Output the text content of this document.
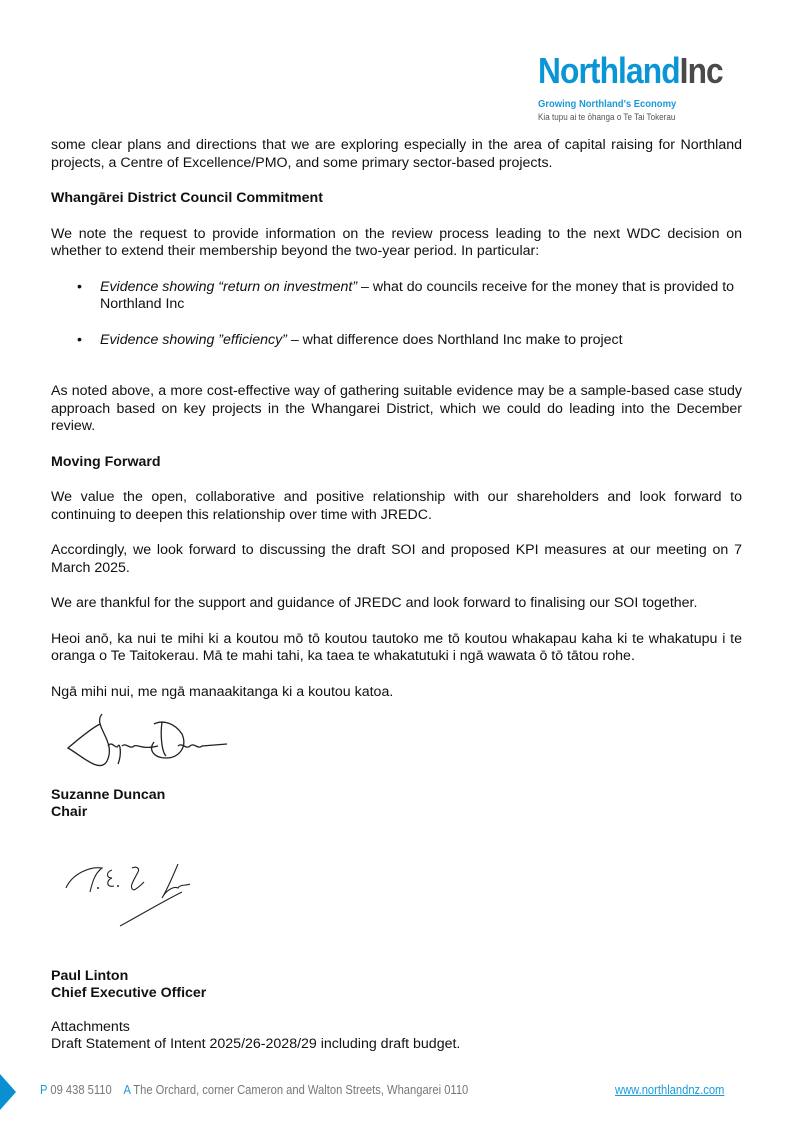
NorthlandInc
Growing Northland's Economy
Kia tupu ai te ōhanga o Te Tai Tokerau

some clear plans and directions that we are exploring especially in the area of capital raising for Northland projects, a Centre of Excellence/PMO, and some primary sector-based projects.

Whangārei District Council Commitment

We note the request to provide information on the review process leading to the next WDC decision on whether to extend their membership beyond the two-year period. In particular:

• Evidence showing “return on investment” – what do councils receive for the money that is provided to Northland Inc
• Evidence showing ”efficiency” – what difference does Northland Inc make to project

As noted above, a more cost-effective way of gathering suitable evidence may be a sample-based case study approach based on key projects in the Whangarei District, which we could do leading into the December review.

Moving Forward

We value the open, collaborative and positive relationship with our shareholders and look forward to continuing to deepen this relationship over time with JREDC.

Accordingly, we look forward to discussing the draft SOI and proposed KPI measures at our meeting on 7 March 2025.

We are thankful for the support and guidance of JREDC and look forward to finalising our SOI together.

Heoi anō, ka nui te mihi ki a koutou mō tō koutou tautoko me tō koutou whakapau kaha ki te whakatupu i te oranga o Te Taitokerau. Mā te mahi tahi, ka taea te whakatutuki i ngā wawata ō tō tātou rohe.

Ngā mihi nui, me ngā manaakitanga ki a koutou katoa.

Suzanne Duncan
Chair
Paul Linton
Chief Executive Officer
Attachments
Draft Statement of Intent 2025/26-2028/29 including draft budget.
P 09 438 5110 A The Orchard, corner Cameron and Walton Streets, Whangarei 0110	www.northlandnz.com
